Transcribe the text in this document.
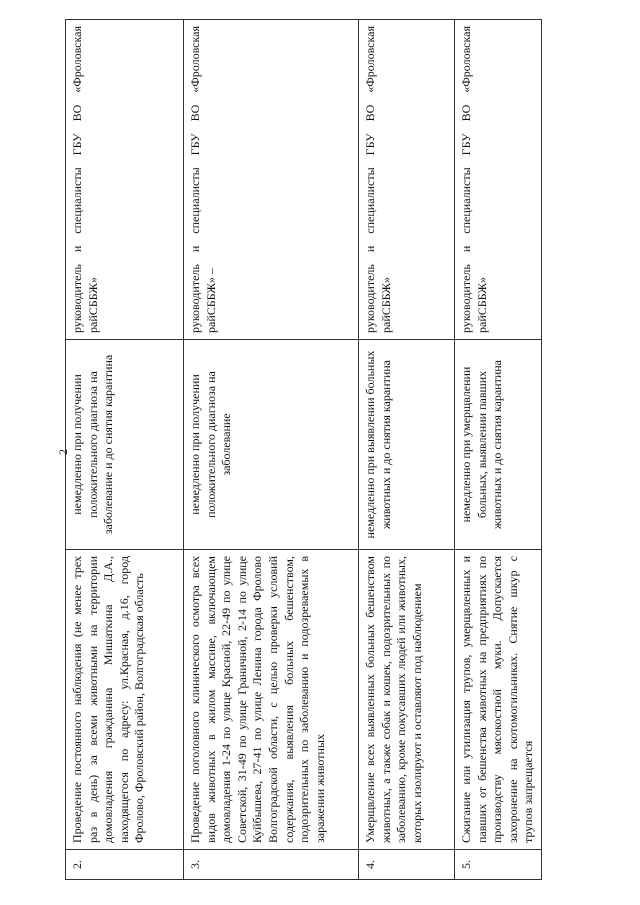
2
2.	Проведение постоянного наблюдения (не менее трех раз в день) за всеми животными на территории домовладения гражданина Мишаткина Д.А., находящегося по адресу: ул.Красная, д.16, город Фролово, Фроловский район, Волгоградская область	немедленно при получении положительного диагноза на заболевание и до снятия карантина	руководитель и специалисты ГБУ ВО «Фроловская райСББЖ»
3.	Проведение поголовного клинического осмотра всех видов животных в жилом массиве, включающем домовладения 1-24 по улице Красной, 22-49 по улице Советской, 31-49 по улице Граничной, 2-14 по улице Куйбышева, 27-41 по улице Ленина города Фролово Волгоградской области, с целью проверки условий содержания, выявления больных бешенством, подозрительных по заболеванию и подозреваемых в заражении животных	немедленно при получении положительного диагноза на заболевание	руководитель и специалисты ГБУ ВО «Фроловская райСББЖ» –
4.	Умерщвление всех выявленных больных бешенством животных, а также собак и кошек, подозрительных по заболеванию, кроме покусавших людей или животных, которых изолируют и оставляют под наблюдением	немедленно при выявлении больных животных и до снятия карантина	руководитель и специалисты ГБУ ВО «Фроловская райСББЖ»
5.	Сжигание или утилизация трупов, умерщвленных и павших от бешенства животных на предприятиях по производству мясокостной муки. Допускается захоронение на скотомогильниках. Снятие шкур с трупов запрещается	немедленно при умерщвлении больных, выявлении павших животных и до снятия карантина	руководитель и специалисты ГБУ ВО «Фроловская райСББЖ»
